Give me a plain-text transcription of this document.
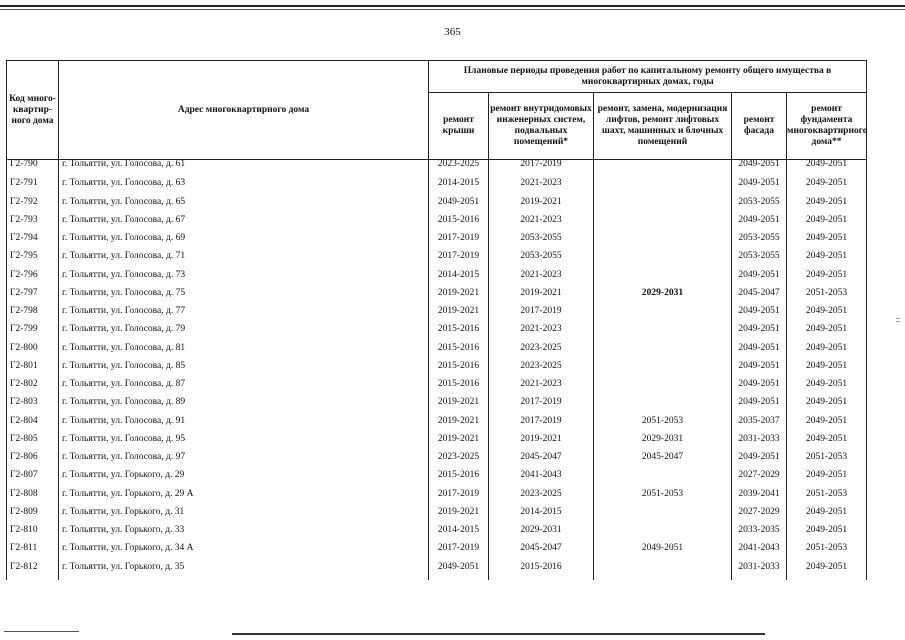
365
Код много-квартир-ного дома	Адрес многоквартирного дома	Плановые периоды проведения работ по капитальному ремонту общего имущества в многоквартирных домах, годы				
		ремонт крыши	ремонт внутридомовых инженерных систем, подвальных помещений*	ремонт, замена, модернизация лифтов, ремонт лифтовых шахт, машинных и блочных помещений	ремонт фасада	ремонт фундамента многоквартирного дома**
Г2-790	г. Тольятти, ул. Голосова, д. 61	2023-2025	2017-2019		2049-2051	2049-2051
Г2-791	г. Тольятти, ул. Голосова, д. 63	2014-2015	2021-2023		2049-2051	2049-2051
Г2-792	г. Тольятти, ул. Голосова, д. 65	2049-2051	2019-2021		2053-2055	2049-2051
Г2-793	г. Тольятти, ул. Голосова, д. 67	2015-2016	2021-2023		2049-2051	2049-2051
Г2-794	г. Тольятти, ул. Голосова, д. 69	2017-2019	2053-2055		2053-2055	2049-2051
Г2-795	г. Тольятти, ул. Голосова, д. 71	2017-2019	2053-2055		2053-2055	2049-2051
Г2-796	г. Тольятти, ул. Голосова, д. 73	2014-2015	2021-2023		2049-2051	2049-2051
Г2-797	г. Тольятти, ул. Голосова, д. 75	2019-2021	2019-2021	2029-2031	2045-2047	2051-2053
Г2-798	г. Тольятти, ул. Голосова, д. 77	2019-2021	2017-2019		2049-2051	2049-2051
Г2-799	г. Тольятти, ул. Голосова, д. 79	2015-2016	2021-2023		2049-2051	2049-2051
Г2-800	г. Тольятти, ул. Голосова, д. 81	2015-2016	2023-2025		2049-2051	2049-2051
Г2-801	г. Тольятти, ул. Голосова, д. 85	2015-2016	2023-2025		2049-2051	2049-2051
Г2-802	г. Тольятти, ул. Голосова, д. 87	2015-2016	2021-2023		2049-2051	2049-2051
Г2-803	г. Тольятти, ул. Голосова, д. 89	2019-2021	2017-2019		2049-2051	2049-2051
Г2-804	г. Тольятти, ул. Голосова, д. 91	2019-2021	2017-2019	2051-2053	2035-2037	2049-2051
Г2-805	г. Тольятти, ул. Голосова, д. 95	2019-2021	2019-2021	2029-2031	2031-2033	2049-2051
Г2-806	г. Тольятти, ул. Голосова, д. 97	2023-2025	2045-2047	2045-2047	2049-2051	2051-2053
Г2-807	г. Тольятти, ул. Горького, д. 29	2015-2016	2041-2043		2027-2029	2049-2051
Г2-808	г. Тольятти, ул. Горького, д. 29 А	2017-2019	2023-2025	2051-2053	2039-2041	2051-2053
Г2-809	г. Тольятти, ул. Горького, д. 31	2019-2021	2014-2015		2027-2029	2049-2051
Г2-810	г. Тольятти, ул. Горького, д. 33	2014-2015	2029-2031		2033-2035	2049-2051
Г2-811	г. Тольятти, ул. Горького, д. 34 А	2017-2019	2045-2047	2049-2051	2041-2043	2051-2053
Г2-812	г. Тольятти, ул. Горького, д. 35	2049-2051	2015-2016		2031-2033	2049-2051
